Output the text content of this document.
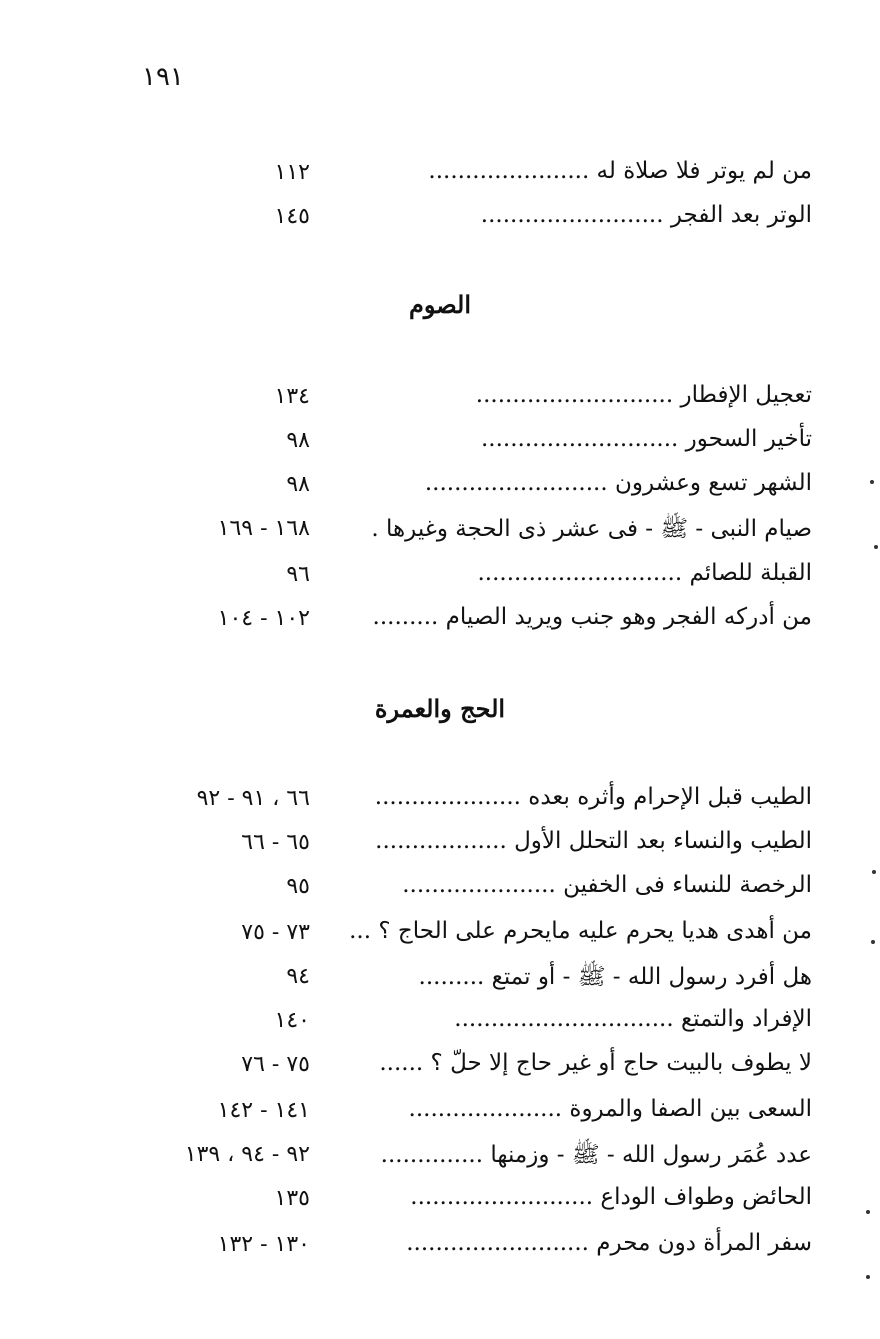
١٩١
من لم يوتر فلا صلاة له ......................
١١٢
الوتر بعد الفجر .........................
١٤٥
الصوم
تعجيل الإفطار ...........................
١٣٤
تأخير السحور ...........................
٩٨
الشهر تسع وعشرون .........................
٩٨
صيام النبى - ﷺ - فى عشر ذى الحجة وغيرها .
١٦٨ - ١٦٩
القبلة للصائم ............................
٩٦
من أدركه الفجر وهو جنب ويريد الصيام .........
١٠٢ - ١٠٤
الحج والعمرة
الطيب قبل الإحرام وأثره بعده ....................
٦٦ ، ٩١ - ٩٢
الطيب والنساء بعد التحلل الأول ..................
٦٥ - ٦٦
الرخصة للنساء فى الخفين .....................
٩٥
من أهدى هديا يحرم عليه مايحرم على الحاج ؟ ...
٧٣ - ٧٥
هل أفرد رسول الله - ﷺ - أو تمتع .........
٩٤
الإفراد والتمتع ..............................
١٤٠
لا يطوف بالبيت حاج أو غير حاج إلا حلّ ؟ ......
٧٥ - ٧٦
السعى بين الصفا والمروة .....................
١٤١ - ١٤٢
عدد عُمَر رسول الله - ﷺ - وزمنها ..............
٩٢ - ٩٤ ، ١٣٩
الحائض وطواف الوداع .........................
١٣٥
سفر المرأة دون محرم .........................
١٣٠ - ١٣٢
